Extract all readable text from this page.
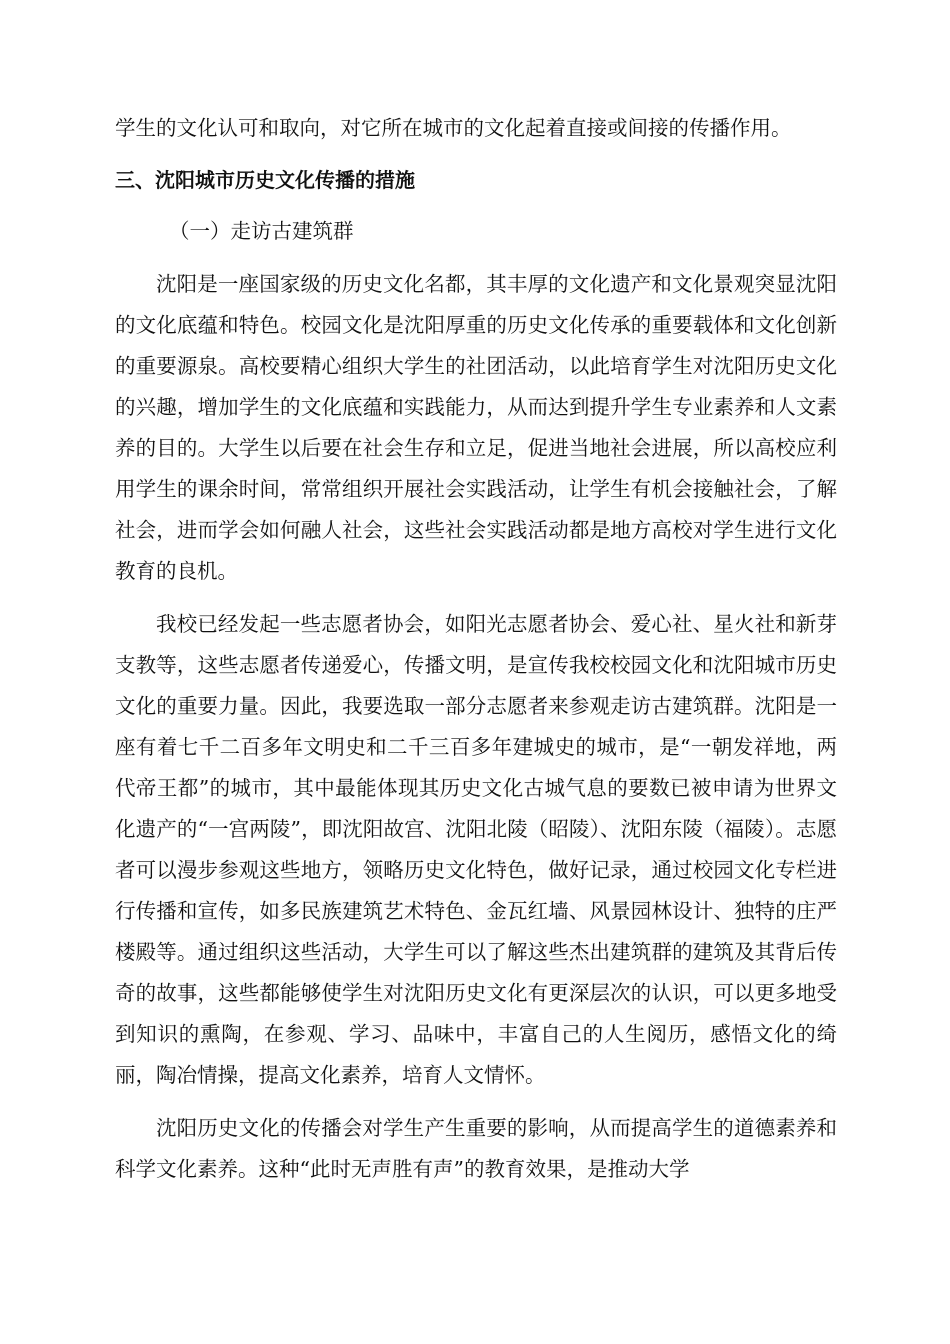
学生的文化认可和取向，对它所在城市的文化起着直接或间接的传播作用。

三、沈阳城市历史文化传播的措施
（一）走访古建筑群

沈阳是一座国家级的历史文化名都，其丰厚的文化遗产和文化景观突显沈阳的文化底蕴和特色。校园文化是沈阳厚重的历史文化传承的重要载体和文化创新的重要源泉。高校要精心组织大学生的社团活动，以此培育学生对沈阳历史文化的兴趣，增加学生的文化底蕴和实践能力，从而达到提升学生专业素养和人文素养的目的。大学生以后要在社会生存和立足，促进当地社会进展，所以高校应利用学生的课余时间，常常组织开展社会实践活动，让学生有机会接触社会，了解社会，进而学会如何融人社会，这些社会实践活动都是地方高校对学生进行文化教育的良机。

我校已经发起一些志愿者协会，如阳光志愿者协会、爱心社、星火社和新芽支教等，这些志愿者传递爱心，传播文明，是宣传我校校园文化和沈阳城市历史文化的重要力量。因此，我要选取一部分志愿者来参观走访古建筑群。沈阳是一座有着七千二百多年文明史和二千三百多年建城史的城市，是“一朝发祥地，两代帝王都”的城市，其中最能体现其历史文化古城气息的要数已被申请为世界文化遗产的“一宫两陵”，即沈阳故宫、沈阳北陵（昭陵）、沈阳东陵（福陵）。志愿者可以漫步参观这些地方，领略历史文化特色，做好记录，通过校园文化专栏进行传播和宣传，如多民族建筑艺术特色、金瓦红墙、风景园林设计、独特的庄严楼殿等。通过组织这些活动，大学生可以了解这些杰出建筑群的建筑及其背后传奇的故事，这些都能够使学生对沈阳历史文化有更深层次的认识，可以更多地受到知识的熏陶，在参观、学习、品味中，丰富自己的人生阅历，感悟文化的绮丽，陶冶情操，提高文化素养，培育人文情怀。

沈阳历史文化的传播会对学生产生重要的影响，从而提高学生的道德素养和科学文化素养。这种“此时无声胜有声”的教育效果，是推动大学
